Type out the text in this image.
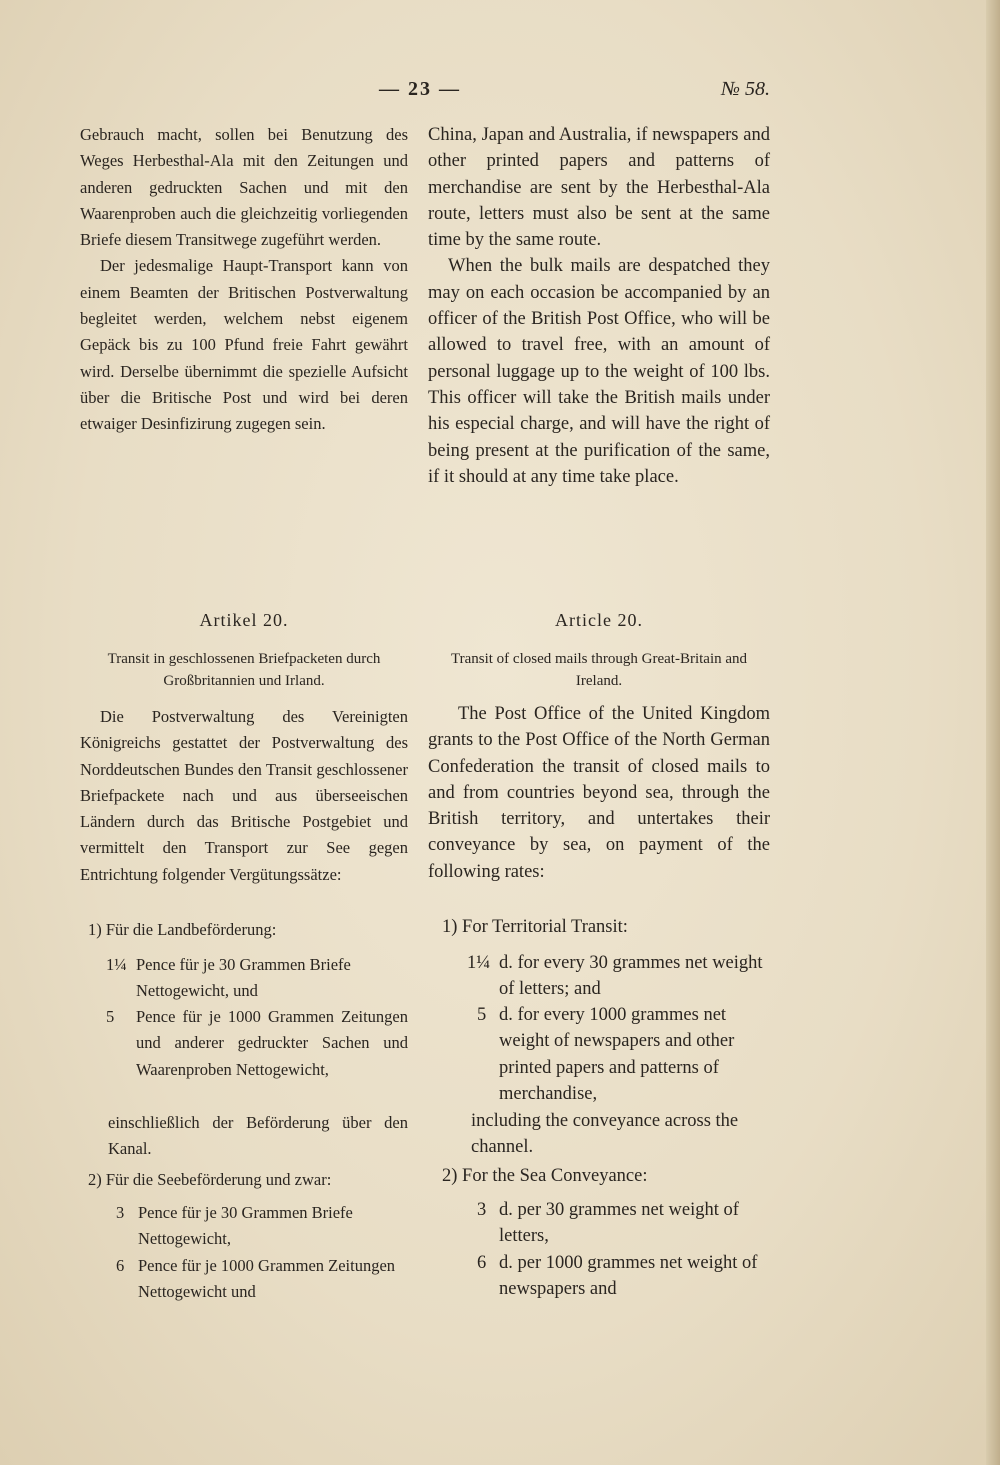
— 23 —	№ 58.

Gebrauch macht, sollen bei Benutzung des Weges Herbesthal-Ala mit den Zeitungen und anderen gedruckten Sachen und mit den Waarenproben auch die gleichzeitig vorliegenden Briefe diesem Transitwege zugeführt werden.

Der jedesmalige Haupt-Transport kann von einem Beamten der Britischen Postverwaltung begleitet werden, welchem nebst eigenem Gepäck bis zu 100 Pfund freie Fahrt gewährt wird. Derselbe übernimmt die spezielle Aufsicht über die Britische Post und wird bei deren etwaiger Desinfizirung zugegen sein.

China, Japan and Australia, if newspapers and other printed papers and patterns of merchandise are sent by the Herbesthal-Ala route, letters must also be sent at the same time by the same route.

When the bulk mails are despatched they may on each occasion be accompanied by an officer of the British Post Office, who will be allowed to travel free, with an amount of personal luggage up to the weight of 100 lbs. This officer will take the British mails under his especial charge, and will have the right of being present at the purification of the same, if it should at any time take place.

Artikel 20.	Article 20.
Transit in geschlossenen Briefpacketen durch Großbritannien und Irland.
Transit of closed mails through Great-Britain and Ireland.
Die Postverwaltung des Vereinigten Königreichs gestattet der Postverwaltung des Norddeutschen Bundes den Transit geschlossener Briefpackete nach und aus überseeischen Ländern durch das Britische Postgebiet und vermittelt den Transport zur See gegen Entrichtung folgender Vergütungssätze:
The Post Office of the United Kingdom grants to the Post Office of the North German Confederation the transit of closed mails to and from countries beyond sea, through the British territory, and untertakes their conveyance by sea, on payment of the following rates:
1) Für die Landbeförderung:
1¼ Pence für je 30 Grammen Briefe Nettogewicht, und
5 Pence für je 1000 Grammen Zeitungen und anderer gedruckter Sachen und Waarenproben Nettogewicht,
einschließlich der Beförderung über den Kanal.
2) Für die Seebeförderung und zwar:
3 Pence für je 30 Grammen Briefe Nettogewicht,
6 Pence für je 1000 Grammen Zeitungen Nettogewicht und
1) For Territorial Transit:
1¼ d. for every 30 grammes net weight of letters; and
5 d. for every 1000 grammes net weight of newspapers and other printed papers and patterns of merchandise,
including the conveyance across the channel.
2) For the Sea Conveyance:
3 d. per 30 grammes net weight of letters,
6 d. per 1000 grammes net weight of newspapers and
